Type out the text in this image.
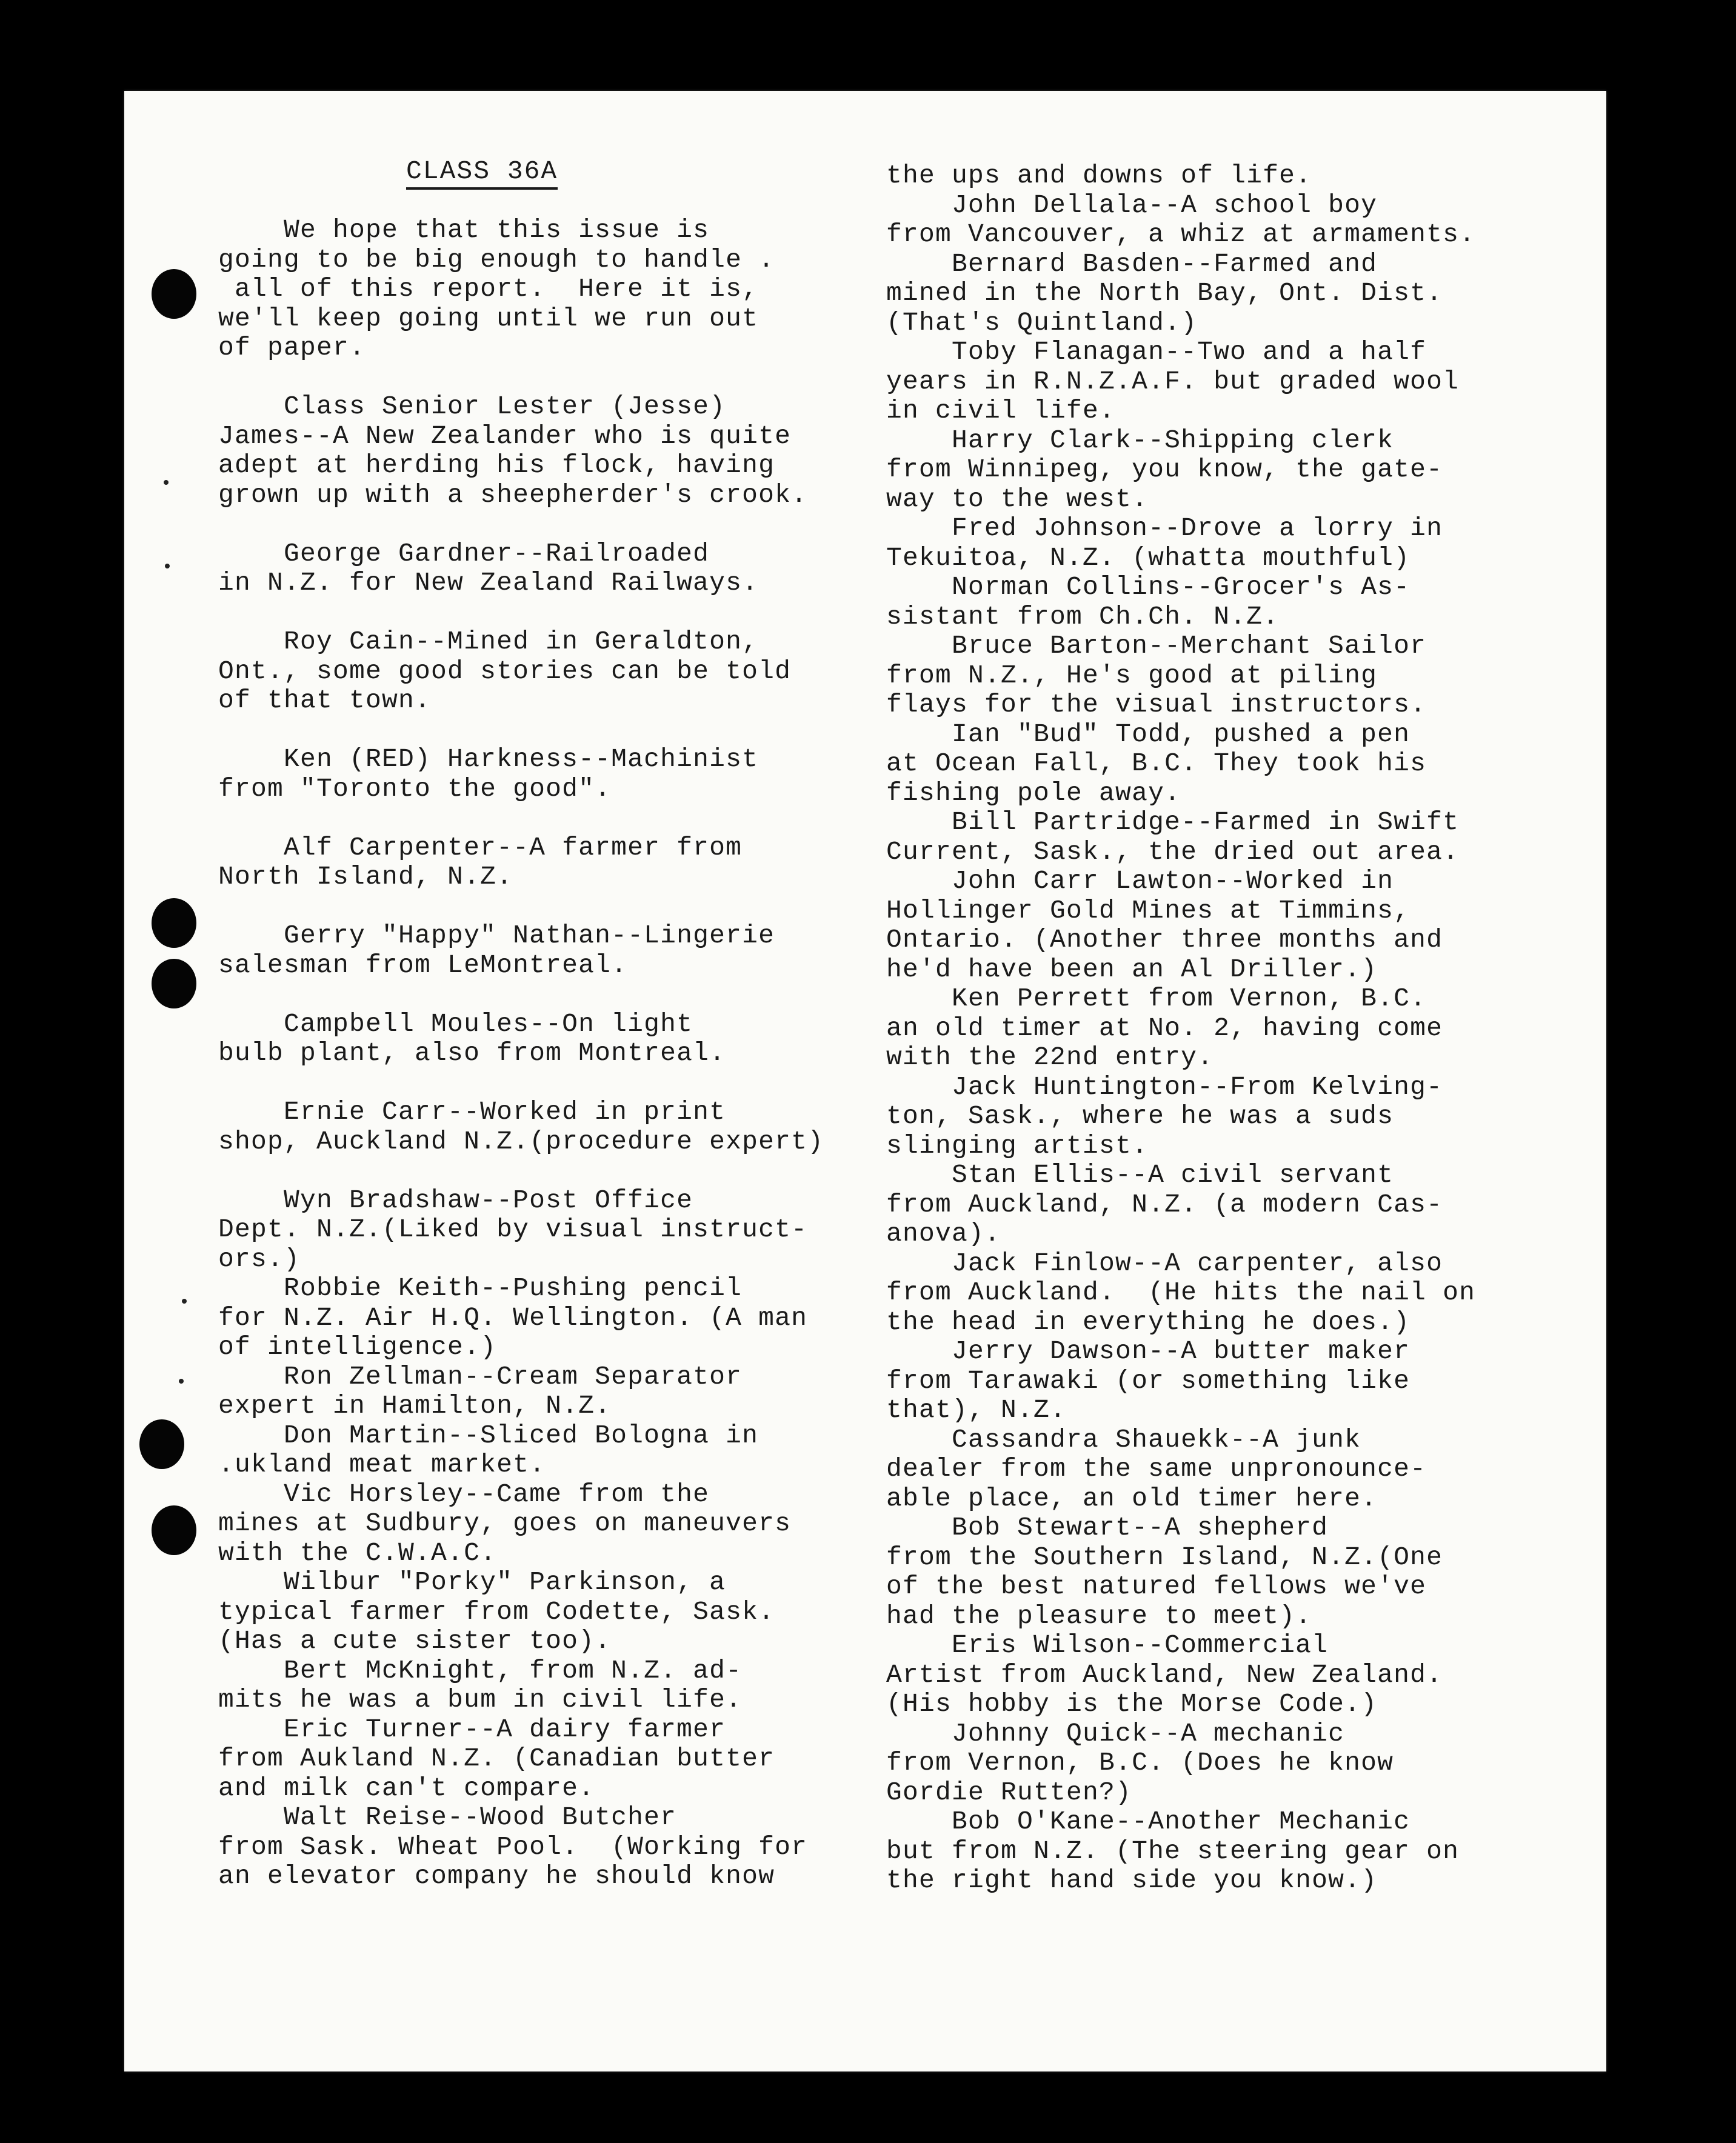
CLASS 36A
We hope that this issue is
going to be big enough to handle .
all of this report.  Here it is,
we'll keep going until we run out
of paper.
Class Senior Lester (Jesse)
James--A New Zealander who is quite
adept at herding his flock, having
grown up with a sheepherder's crook.
George Gardner--Railroaded
in N.Z. for New Zealand Railways.
Roy Cain--Mined in Geraldton,
Ont., some good stories can be told
of that town.
Ken (RED) Harkness--Machinist
from "Toronto the good".
Alf Carpenter--A farmer from
North Island, N.Z.
Gerry "Happy" Nathan--Lingerie
salesman from LeMontreal.
Campbell Moules--On light
bulb plant, also from Montreal.
Ernie Carr--Worked in print
shop, Auckland N.Z.(procedure expert)
Wyn Bradshaw--Post Office
Dept. N.Z.(Liked by visual instruct-
ors.)
Robbie Keith--Pushing pencil
for N.Z. Air H.Q. Wellington. (A man
of intelligence.)
Ron Zellman--Cream Separator
expert in Hamilton, N.Z.
Don Martin--Sliced Bologna in
.ukland meat market.
Vic Horsley--Came from the
mines at Sudbury, goes on maneuvers
with the C.W.A.C.
Wilbur "Porky" Parkinson, a
typical farmer from Codette, Sask.
(Has a cute sister too).
Bert McKnight, from N.Z. ad-
mits he was a bum in civil life.
Eric Turner--A dairy farmer
from Aukland N.Z. (Canadian butter
and milk can't compare.
Walt Reise--Wood Butcher
from Sask. Wheat Pool.  (Working for
an elevator company he should know
the ups and downs of life.
John Dellala--A school boy
from Vancouver, a whiz at armaments.
Bernard Basden--Farmed and
mined in the North Bay, Ont. Dist.
(That's Quintland.)
Toby Flanagan--Two and a half
years in R.N.Z.A.F. but graded wool
in civil life.
Harry Clark--Shipping clerk
from Winnipeg, you know, the gate-
way to the west.
Fred Johnson--Drove a lorry in
Tekuitoa, N.Z. (whatta mouthful)
Norman Collins--Grocer's As-
sistant from Ch.Ch. N.Z.
Bruce Barton--Merchant Sailor
from N.Z., He's good at piling
flays for the visual instructors.
Ian "Bud" Todd, pushed a pen
at Ocean Fall, B.C. They took his
fishing pole away.
Bill Partridge--Farmed in Swift
Current, Sask., the dried out area.
John Carr Lawton--Worked in
Hollinger Gold Mines at Timmins,
Ontario. (Another three months and
he'd have been an Al Driller.)
Ken Perrett from Vernon, B.C.
an old timer at No. 2, having come
with the 22nd entry.
Jack Huntington--From Kelving-
ton, Sask., where he was a suds
slinging artist.
Stan Ellis--A civil servant
from Auckland, N.Z. (a modern Cas-
anova).
Jack Finlow--A carpenter, also
from Auckland.  (He hits the nail on
the head in everything he does.)
Jerry Dawson--A butter maker
from Tarawaki (or something like
that), N.Z.
Cassandra Shauekk--A junk
dealer from the same unpronounce-
able place, an old timer here.
Bob Stewart--A shepherd
from the Southern Island, N.Z.(One
of the best natured fellows we've
had the pleasure to meet).
Eris Wilson--Commercial
Artist from Auckland, New Zealand.
(His hobby is the Morse Code.)
Johnny Quick--A mechanic
from Vernon, B.C. (Does he know
Gordie Rutten?)
Bob O'Kane--Another Mechanic
but from N.Z. (The steering gear on
the right hand side you know.)
